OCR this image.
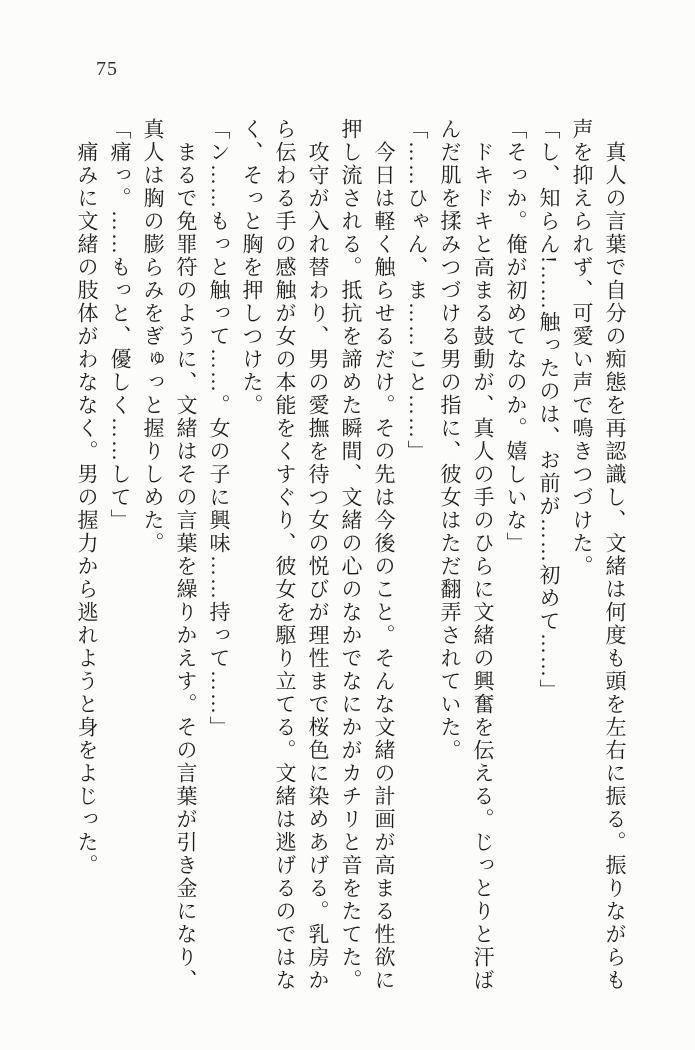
75
真人の言葉で自分の痴態を再認識し、文緒は何度も頭を左右に振る。振りながらも
声を抑えられず、可愛い声で鳴きつづけた。
「し、知らん!……触ったのは、お前が……初めて……」
「そっか。俺が初めてなのか。嬉しいな」
ドキドキと高まる鼓動が、真人の手のひらに文緒の興奮を伝える。じっとりと汗ば
んだ肌を揉みつづける男の指に、彼女はただ翻弄されていた。
「……ひゃん、ま……こと……」
今日は軽く触らせるだけ。その先は今後のこと。そんな文緒の計画が高まる性欲に
押し流される。抵抗を諦めた瞬間、文緒の心のなかでなにかがカチリと音をたてた。
攻守が入れ替わり、男の愛撫を待つ女の悦びが理性まで桜色に染めあげる。乳房か
ら伝わる手の感触が女の本能をくすぐり、彼女を駆り立てる。文緒は逃げるのではな
く、そっと胸を押しつけた。
「ン……もっと触って……。女の子に興味……持って……」
まるで免罪符のように、文緒はその言葉を繰りかえす。その言葉が引き金になり、
真人は胸の膨らみをぎゅっと握りしめた。
「痛っ。……もっと、優しく……して」
痛みに文緒の肢体がわななく。男の握力から逃れようと身をよじった。
